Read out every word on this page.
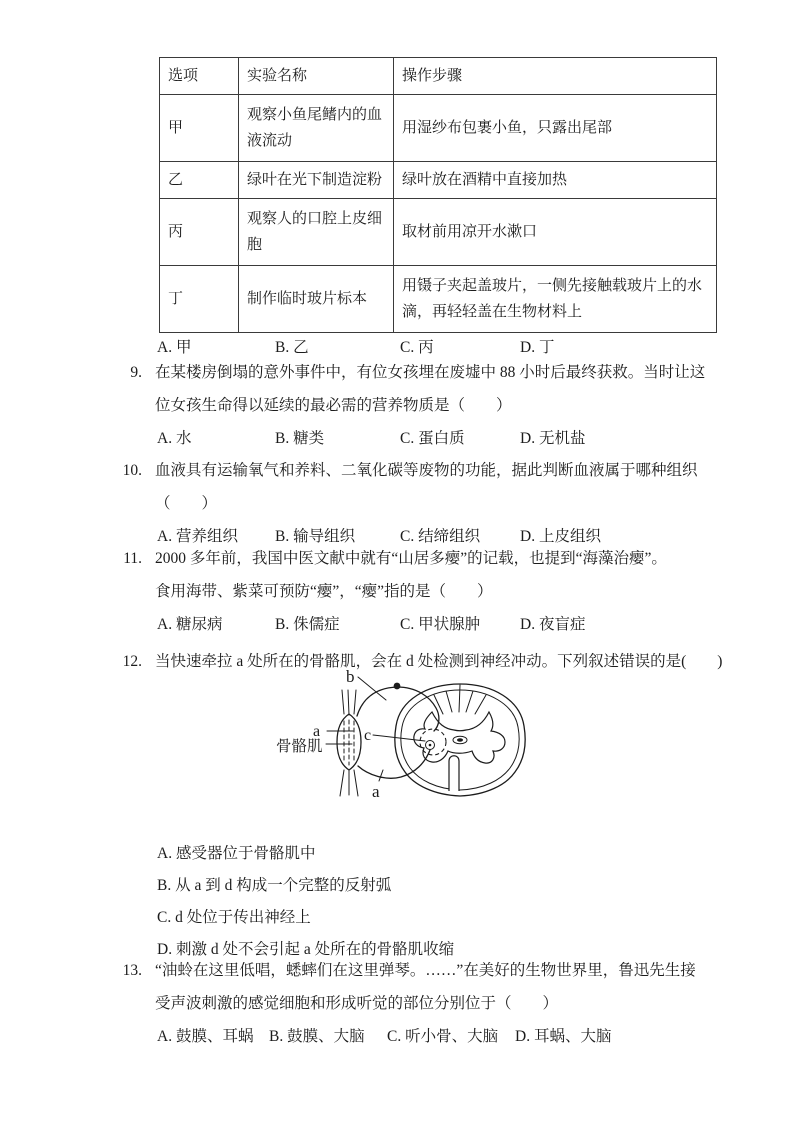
选项	实验名称	操作步骤
甲	观察小鱼尾鳍内的血液流动	用湿纱布包裹小鱼，只露出尾部
乙	绿叶在光下制造淀粉	绿叶放在酒精中直接加热
丙	观察人的口腔上皮细胞	取材前用凉开水漱口
丁	制作临时玻片标本	用镊子夹起盖玻片，一侧先接触载玻片上的水滴，再轻轻盖在生物材料上
A. 甲	B. 乙	C. 丙	D. 丁
9. 在某楼房倒塌的意外事件中，有位女孩埋在废墟中 88 小时后最终获救。当时让这
位女孩生命得以延续的最必需的营养物质是（　　）
A. 水	B. 糖类	C. 蛋白质	D. 无机盐
10. 血液具有运输氧气和养料、二氧化碳等废物的功能，据此判断血液属于哪种组织
（　　）
A. 营养组织	B. 输导组织	C. 结缔组织	D. 上皮组织
11. 2000 多年前，我国中医文献中就有“山居多瘿”的记载，也提到“海藻治瘿”。
食用海带、紫菜可预防“瘿”，“瘿”指的是（　　）
A. 糖尿病	B. 侏儒症	C. 甲状腺肿	D. 夜盲症
12. 当快速牵拉 a 处所在的骨骼肌，会在 d 处检测到神经冲动。下列叙述错误的是(　　)
b
c
a
a
骨骼肌
A. 感受器位于骨骼肌中
B. 从 a 到 d 构成一个完整的反射弧
C. d 处位于传出神经上
D. 刺激 d 处不会引起 a 处所在的骨骼肌收缩
13. “油蛉在这里低唱，蟋蟀们在这里弹琴。……”在美好的生物世界里，鲁迅先生接
受声波刺激的感觉细胞和形成听觉的部位分别位于（　　）
A. 鼓膜、耳蜗	B. 鼓膜、大脑	C. 听小骨、大脑	D. 耳蜗、大脑
